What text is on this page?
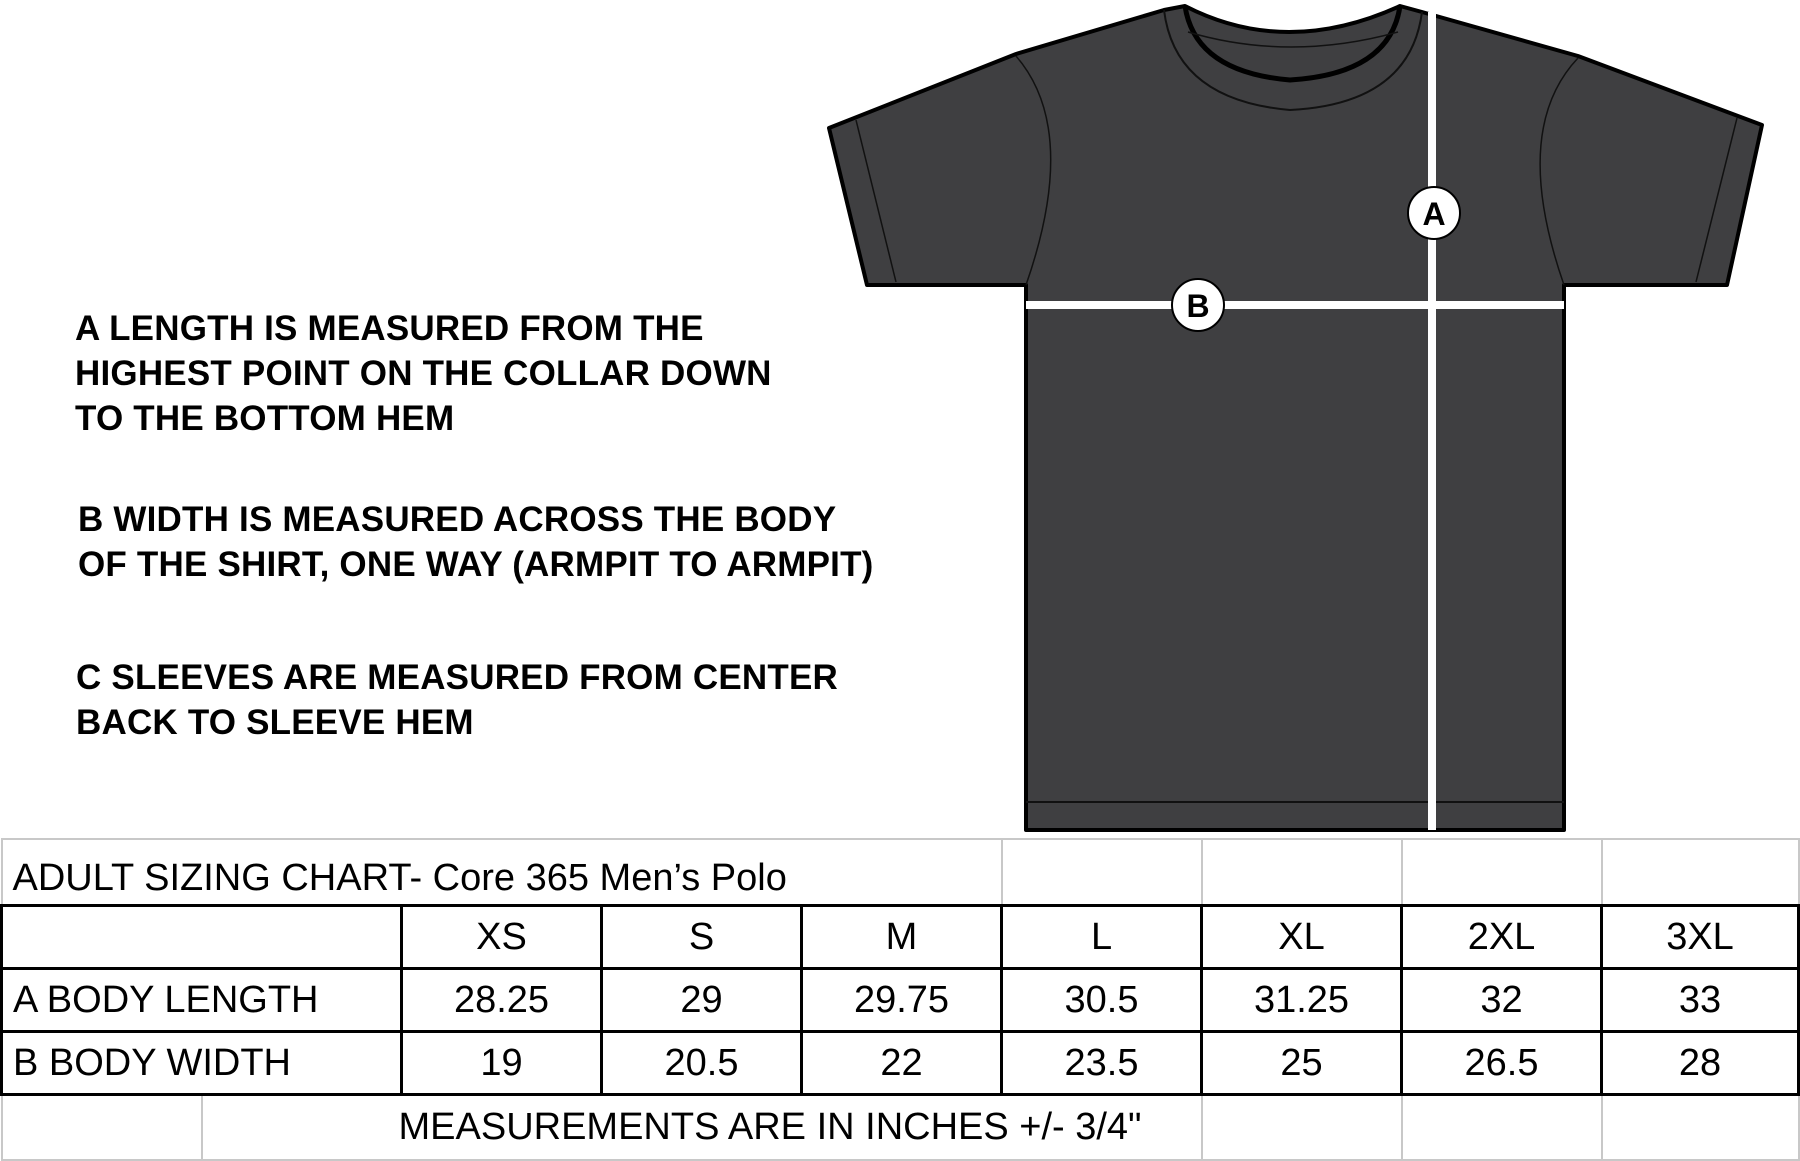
A LENGTH IS MEASURED FROM THE
HIGHEST POINT ON THE COLLAR DOWN
TO THE BOTTOM HEM
B WIDTH IS MEASURED ACROSS THE BODY
OF THE SHIRT, ONE WAY (ARMPIT TO ARMPIT)
C SLEEVES ARE MEASURED FROM CENTER
BACK TO SLEEVE HEM
A
B
ADULT SIZING CHART- Core 365 Men’s Polo								
		XS	S	M	L	XL	2XL	3XL
A BODY LENGTH		28.25	29	29.75	30.5	31.25	32	33
B BODY WIDTH		19	20.5	22	23.5	25	26.5	28
	MEASUREMENTS ARE IN INCHES +/- 3/4"							
